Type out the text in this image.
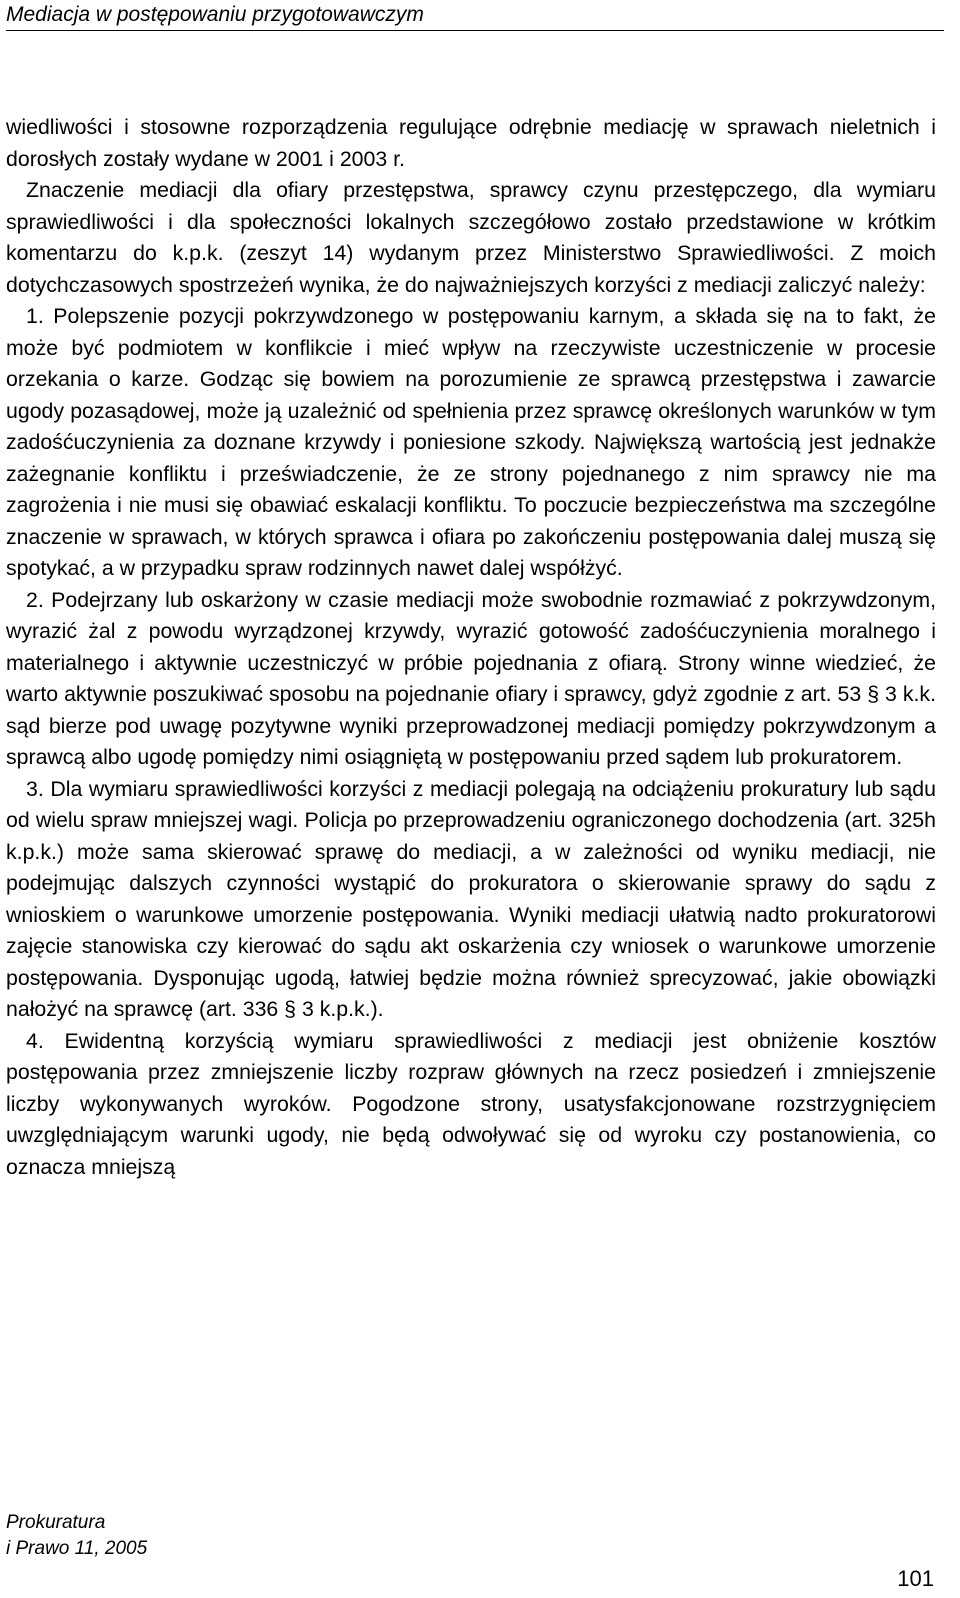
Mediacja w postępowaniu przygotowawczym

wiedliwości i stosowne rozporządzenia regulujące odrębnie mediację w sprawach nieletnich i dorosłych zostały wydane w 2001 i 2003 r.

Znaczenie mediacji dla ofiary przestępstwa, sprawcy czynu przestępczego, dla wymiaru sprawiedliwości i dla społeczności lokalnych szczegółowo zostało przedstawione w krótkim komentarzu do k.p.k. (zeszyt 14) wydanym przez Ministerstwo Sprawiedliwości. Z moich dotychczasowych spostrzeżeń wynika, że do najważniejszych korzyści z mediacji zaliczyć należy:

1. Polepszenie pozycji pokrzywdzonego w postępowaniu karnym, a składa się na to fakt, że może być podmiotem w konflikcie i mieć wpływ na rzeczywiste uczestniczenie w procesie orzekania o karze. Godząc się bowiem na porozumienie ze sprawcą przestępstwa i zawarcie ugody pozasądowej, może ją uzależnić od spełnienia przez sprawcę określonych warunków w tym zadośćuczynienia za doznane krzywdy i poniesione szkody. Największą wartością jest jednakże zażegnanie konfliktu i przeświadczenie, że ze strony pojednanego z nim sprawcy nie ma zagrożenia i nie musi się obawiać eskalacji konfliktu. To poczucie bezpieczeństwa ma szczególne znaczenie w sprawach, w których sprawca i ofiara po zakończeniu postępowania dalej muszą się spotykać, a w przypadku spraw rodzinnych nawet dalej współżyć.

2. Podejrzany lub oskarżony w czasie mediacji może swobodnie rozmawiać z pokrzywdzonym, wyrazić żal z powodu wyrządzonej krzywdy, wyrazić gotowość zadośćuczynienia moralnego i materialnego i aktywnie uczestniczyć w próbie pojednania z ofiarą. Strony winne wiedzieć, że warto aktywnie poszukiwać sposobu na pojednanie ofiary i sprawcy, gdyż zgodnie z art. 53 § 3 k.k. sąd bierze pod uwagę pozytywne wyniki przeprowadzonej mediacji pomiędzy pokrzywdzonym a sprawcą albo ugodę pomiędzy nimi osiągniętą w postępowaniu przed sądem lub prokuratorem.

3. Dla wymiaru sprawiedliwości korzyści z mediacji polegają na odciążeniu prokuratury lub sądu od wielu spraw mniejszej wagi. Policja po przeprowadzeniu ograniczonego dochodzenia (art. 325h k.p.k.) może sama skierować sprawę do mediacji, a w zależności od wyniku mediacji, nie podejmując dalszych czynności wystąpić do prokuratora o skierowanie sprawy do sądu z wnioskiem o warunkowe umorzenie postępowania. Wyniki mediacji ułatwią nadto prokuratorowi zajęcie stanowiska czy kierować do sądu akt oskarżenia czy wniosek o warunkowe umorzenie postępowania. Dysponując ugodą, łatwiej będzie można również sprecyzować, jakie obowiązki nałożyć na sprawcę (art. 336 § 3 k.p.k.).

4. Ewidentną korzyścią wymiaru sprawiedliwości z mediacji jest obniżenie kosztów postępowania przez zmniejszenie liczby rozpraw głównych na rzecz posiedzeń i zmniejszenie liczby wykonywanych wyroków. Pogodzone strony, usatysfakcjonowane rozstrzygnięciem uwzględniającym warunki ugody, nie będą odwoływać się od wyroku czy postanowienia, co oznacza mniejszą

Prokuratura
i Prawo 11, 2005
101
